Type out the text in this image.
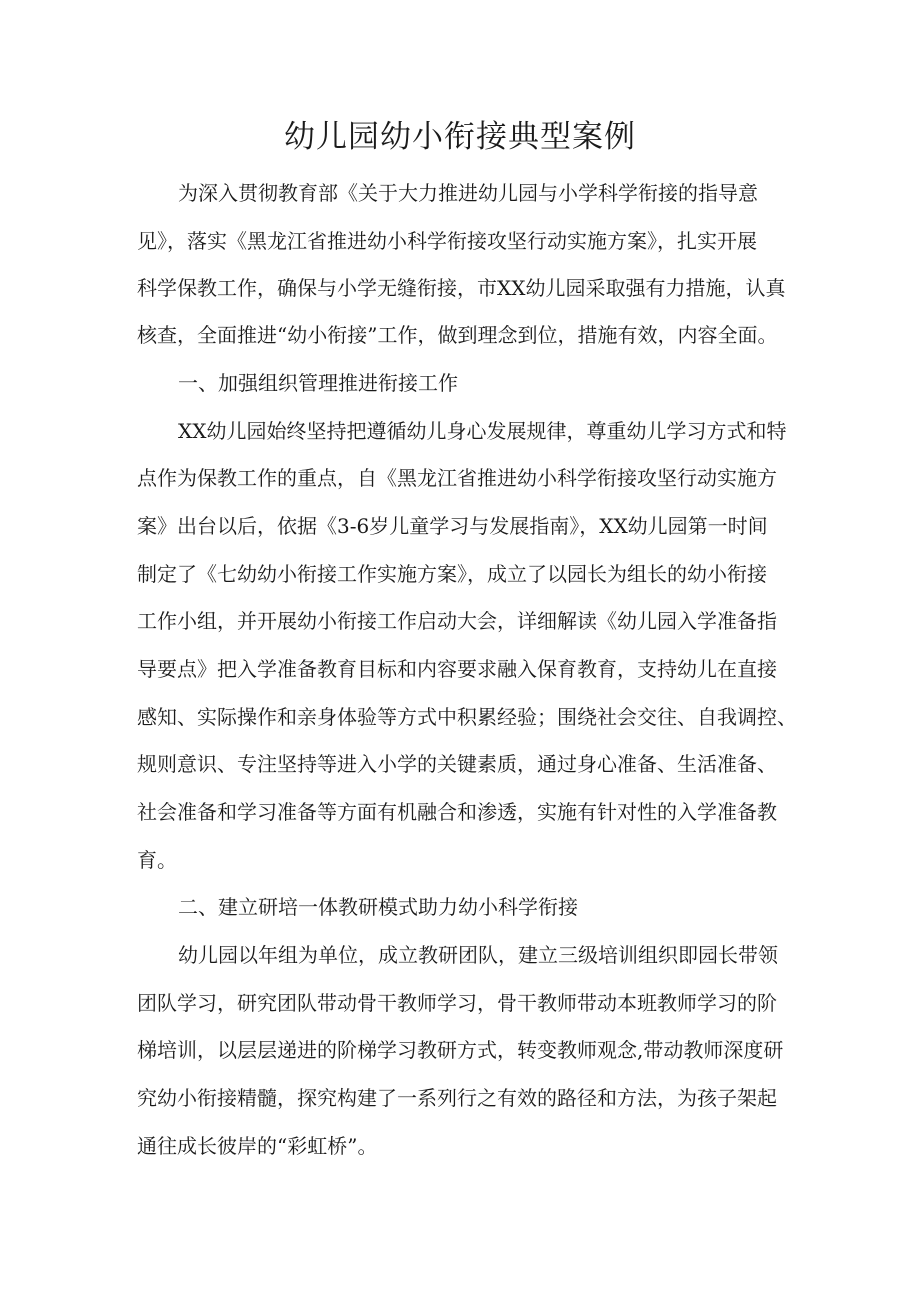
幼儿园幼小衔接典型案例

为深入贯彻教育部《关于大力推进幼儿园与小学科学衔接的指导意

见》，落实《黑龙江省推进幼小科学衔接攻坚行动实施方案》，扎实开展

科学保教工作，确保与小学无缝衔接，市XX幼儿园采取强有力措施，认真

核查，全面推进“幼小衔接”工作，做到理念到位，措施有效，内容全面。

一、加强组织管理推进衔接工作

XX幼儿园始终坚持把遵循幼儿身心发展规律，尊重幼儿学习方式和特

点作为保教工作的重点，自《黑龙江省推进幼小科学衔接攻坚行动实施方

案》出台以后，依据《3-6岁儿童学习与发展指南》，XX幼儿园第一时间

制定了《七幼幼小衔接工作实施方案》，成立了以园长为组长的幼小衔接

工作小组，并开展幼小衔接工作启动大会，详细解读《幼儿园入学准备指

导要点》把入学准备教育目标和内容要求融入保育教育，支持幼儿在直接

感知、实际操作和亲身体验等方式中积累经验；围绕社会交往、自我调控、

规则意识、专注坚持等进入小学的关键素质，通过身心准备、生活准备、

社会准备和学习准备等方面有机融合和渗透，实施有针对性的入学准备教

育。

二、建立研培一体教研模式助力幼小科学衔接

幼儿园以年组为单位，成立教研团队，建立三级培训组织即园长带领

团队学习，研究团队带动骨干教师学习，骨干教师带动本班教师学习的阶

梯培训，以层层递进的阶梯学习教研方式，转变教师观念,带动教师深度研

究幼小衔接精髓，探究构建了一系列行之有效的路径和方法，为孩子架起

通往成长彼岸的“彩虹桥”。
